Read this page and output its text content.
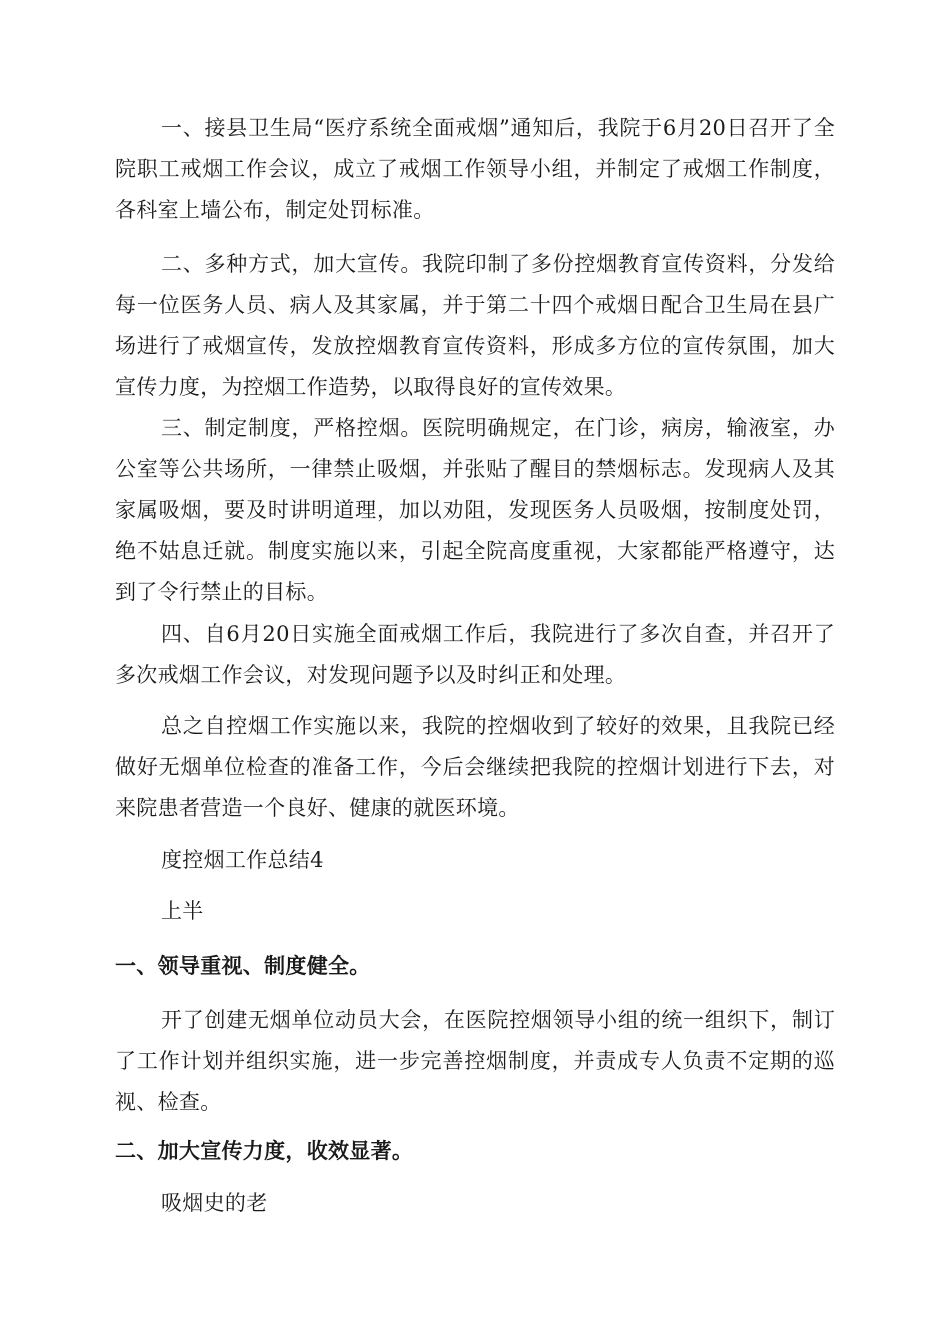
一、接县卫生局“医疗系统全面戒烟”通知后，我院于6月20日召开了全院职工戒烟工作会议，成立了戒烟工作领导小组，并制定了戒烟工作制度，各科室上墙公布，制定处罚标准。

二、多种方式，加大宣传。我院印制了多份控烟教育宣传资料，分发给每一位医务人员、病人及其家属，并于第二十四个戒烟日配合卫生局在县广场进行了戒烟宣传，发放控烟教育宣传资料，形成多方位的宣传氛围，加大宣传力度，为控烟工作造势，以取得良好的宣传效果。

三、制定制度，严格控烟。医院明确规定，在门诊，病房，输液室，办公室等公共场所，一律禁止吸烟，并张贴了醒目的禁烟标志。发现病人及其家属吸烟，要及时讲明道理，加以劝阻，发现医务人员吸烟，按制度处罚，绝不姑息迁就。制度实施以来，引起全院高度重视，大家都能严格遵守，达到了令行禁止的目标。

四、自6月20日实施全面戒烟工作后，我院进行了多次自查，并召开了多次戒烟工作会议，对发现问题予以及时纠正和处理。

总之自控烟工作实施以来，我院的控烟收到了较好的效果，且我院已经做好无烟单位检查的准备工作，今后会继续把我院的控烟计划进行下去，对来院患者营造一个良好、健康的就医环境。

度控烟工作总结4

上半

一、领导重视、制度健全。

开了创建无烟单位动员大会，在医院控烟领导小组的统一组织下，制订了工作计划并组织实施，进一步完善控烟制度，并责成专人负责不定期的巡视、检查。

二、加大宣传力度，收效显著。

吸烟史的老
